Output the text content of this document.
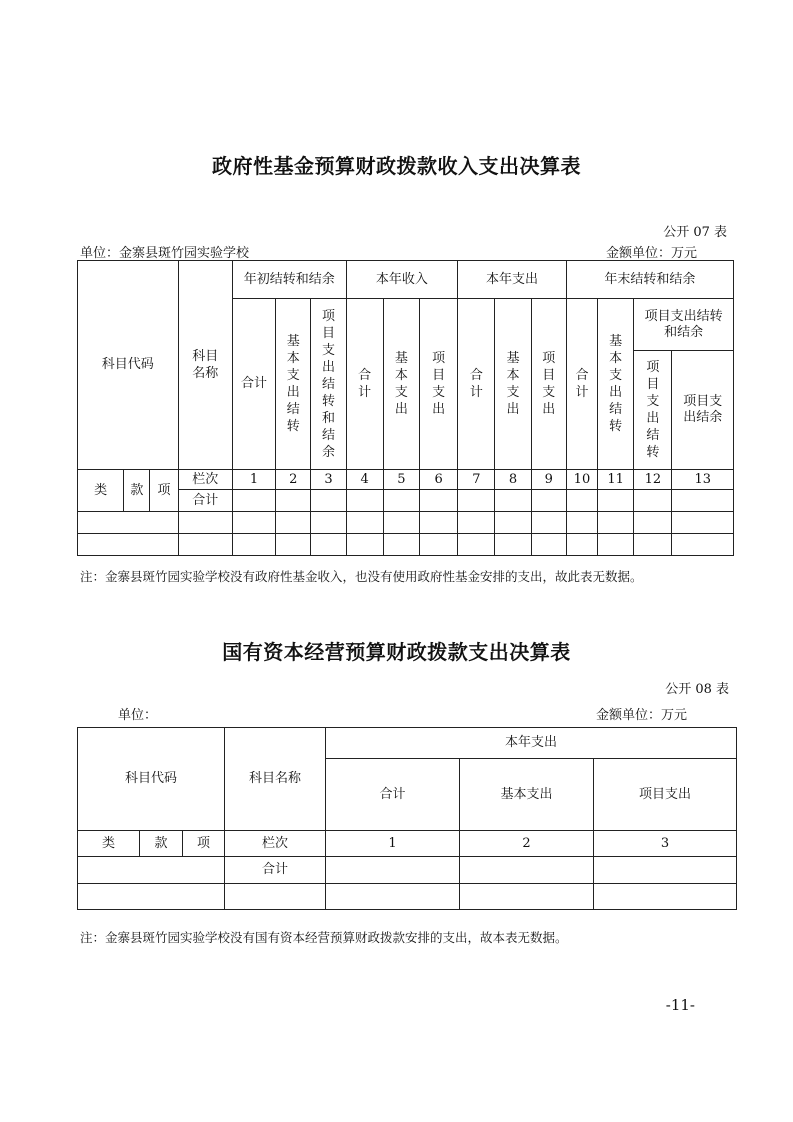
政府性基金预算财政拨款收入支出决算表
公开 07 表
单位：金寨县斑竹园实验学校	金额单位：万元
科目代码			科目名称	年初结转和结余			本年收入			本年支出			年末结转和结余			
				合计	基本支出结转	项目支出结转和结余	合计	基本支出	项目支出	合计	基本支出	项目支出	合计	基本支出结转	项目支出结转和结余	

															项目支出结转	项目支出结余

类	款	项	栏次	1	2	3	4	5	6	7	8	9	10	11	12	13
			合计													

注：金寨县斑竹园实验学校没有政府性基金收入，也没有使用政府性基金安排的支出，故此表无数据。
国有资本经营预算财政拨款支出决算表
公开 08 表
单位：	金额单位：万元
科目代码			科目名称	本年支出		
				合计	基本支出	项目支出
类	款	项	栏次	1	2	3
			合计			

注：金寨县斑竹园实验学校没有国有资本经营预算财政拨款安排的支出，故本表无数据。
-11-
